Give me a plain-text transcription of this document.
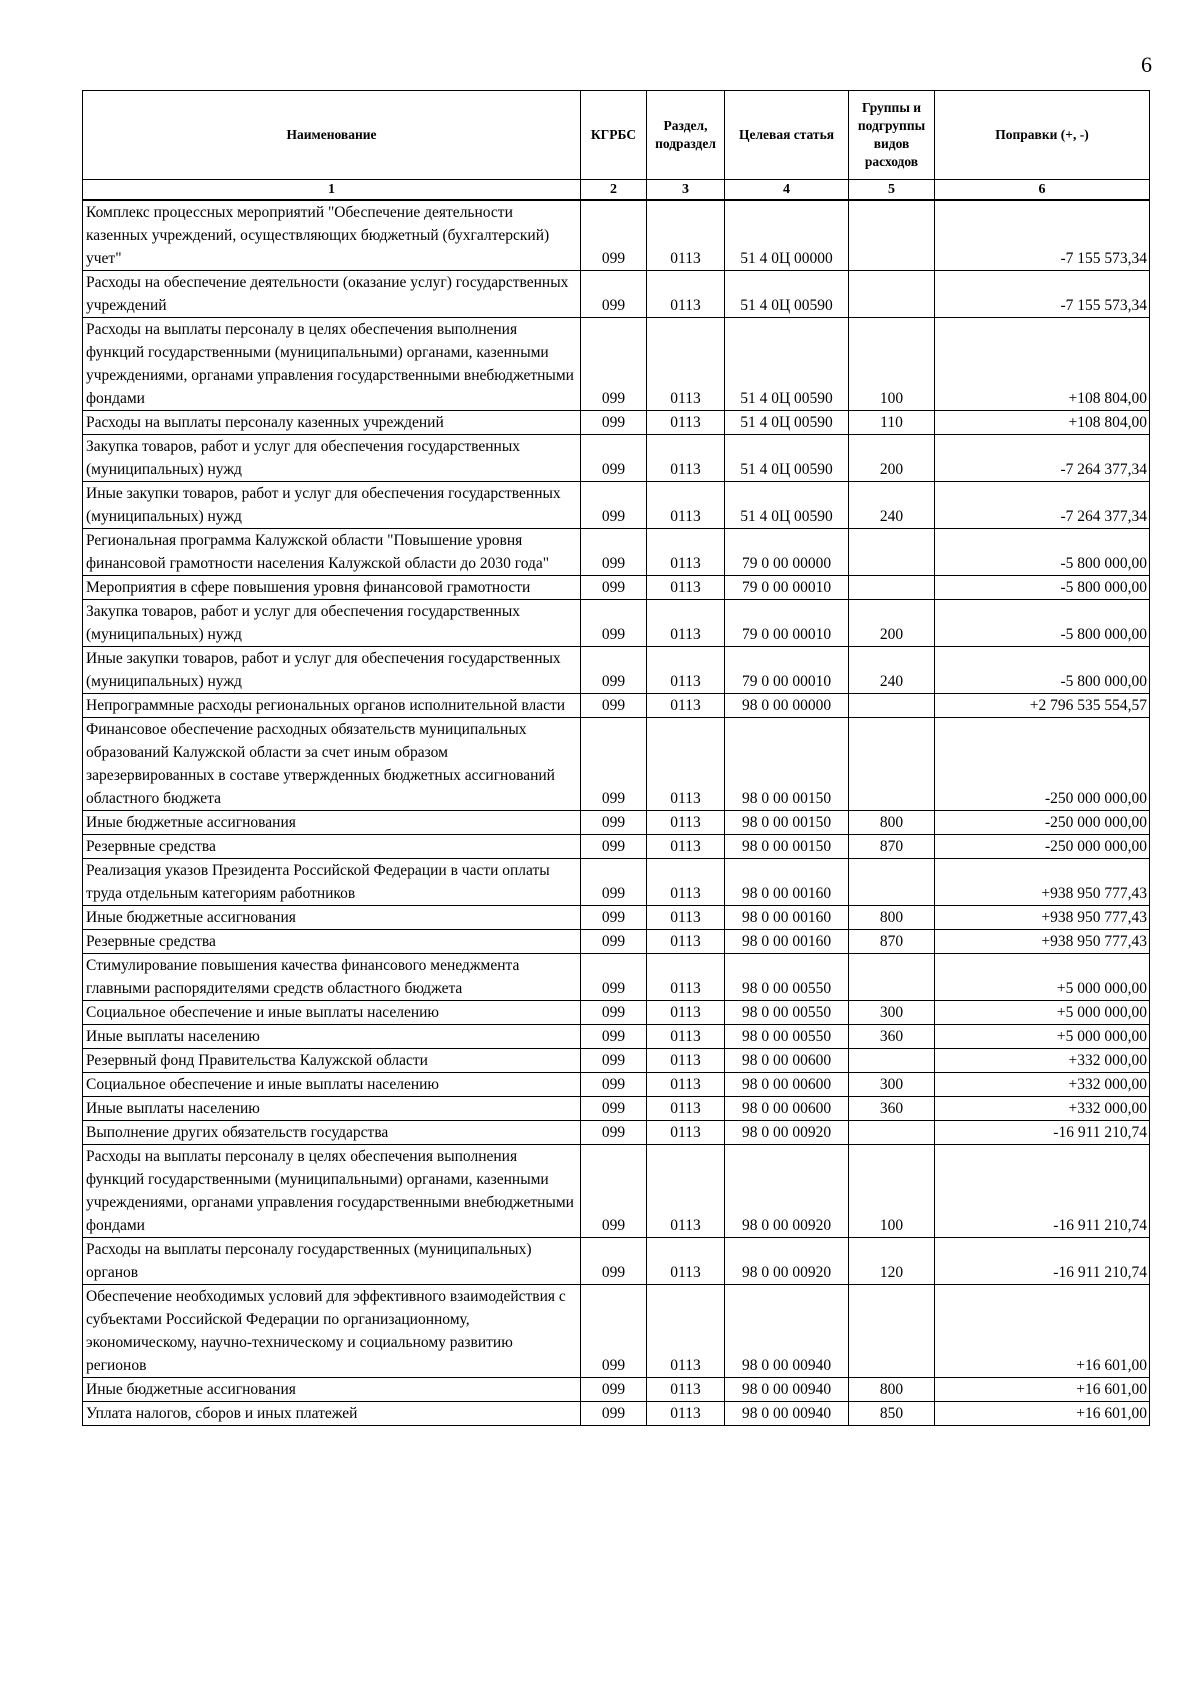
6
Наименование	КГРБС	Раздел, подраздел	Целевая статья	Группы и подгруппы видов расходов	Поправки (+, -)
1	2	3	4	5	6
Комплекс процессных мероприятий "Обеспечение деятельности казенных учреждений, осуществляющих бюджетный (бухгалтерский) учет"	099	0113	51 4 0Ц 00000		-7 155 573,34
Расходы на обеспечение деятельности (оказание услуг) государственных учреждений	099	0113	51 4 0Ц 00590		-7 155 573,34
Расходы на выплаты персоналу в целях обеспечения выполнения функций государственными (муниципальными) органами, казенными учреждениями, органами управления государственными внебюджетными фондами	099	0113	51 4 0Ц 00590	100	+108 804,00
Расходы на выплаты персоналу казенных учреждений	099	0113	51 4 0Ц 00590	110	+108 804,00
Закупка товаров, работ и услуг для обеспечения государственных (муниципальных) нужд	099	0113	51 4 0Ц 00590	200	-7 264 377,34
Иные закупки товаров, работ и услуг для обеспечения государственных (муниципальных) нужд	099	0113	51 4 0Ц 00590	240	-7 264 377,34
Региональная программа Калужской области "Повышение уровня финансовой грамотности населения Калужской области до 2030 года"	099	0113	79 0 00 00000		-5 800 000,00
Мероприятия в сфере повышения уровня финансовой грамотности	099	0113	79 0 00 00010		-5 800 000,00
Закупка товаров, работ и услуг для обеспечения государственных (муниципальных) нужд	099	0113	79 0 00 00010	200	-5 800 000,00
Иные закупки товаров, работ и услуг для обеспечения государственных (муниципальных) нужд	099	0113	79 0 00 00010	240	-5 800 000,00
Непрограммные расходы региональных органов исполнительной власти	099	0113	98 0 00 00000		+2 796 535 554,57
Финансовое обеспечение расходных обязательств муниципальных образований Калужской области за счет иным образом зарезервированных в составе утвержденных бюджетных ассигнований областного бюджета	099	0113	98 0 00 00150		-250 000 000,00
Иные бюджетные ассигнования	099	0113	98 0 00 00150	800	-250 000 000,00
Резервные средства	099	0113	98 0 00 00150	870	-250 000 000,00
Реализация указов Президента Российской Федерации в части оплаты труда отдельным категориям работников	099	0113	98 0 00 00160		+938 950 777,43
Иные бюджетные ассигнования	099	0113	98 0 00 00160	800	+938 950 777,43
Резервные средства	099	0113	98 0 00 00160	870	+938 950 777,43
Стимулирование повышения качества финансового менеджмента главными распорядителями средств областного бюджета	099	0113	98 0 00 00550		+5 000 000,00
Социальное обеспечение и иные выплаты населению	099	0113	98 0 00 00550	300	+5 000 000,00
Иные выплаты населению	099	0113	98 0 00 00550	360	+5 000 000,00
Резервный фонд Правительства Калужской области	099	0113	98 0 00 00600		+332 000,00
Социальное обеспечение и иные выплаты населению	099	0113	98 0 00 00600	300	+332 000,00
Иные выплаты населению	099	0113	98 0 00 00600	360	+332 000,00
Выполнение других обязательств государства	099	0113	98 0 00 00920		-16 911 210,74
Расходы на выплаты персоналу в целях обеспечения выполнения функций государственными (муниципальными) органами, казенными учреждениями, органами управления государственными внебюджетными фондами	099	0113	98 0 00 00920	100	-16 911 210,74
Расходы на выплаты персоналу государственных (муниципальных) органов	099	0113	98 0 00 00920	120	-16 911 210,74
Обеспечение необходимых условий для эффективного взаимодействия с субъектами Российской Федерации по организационному, экономическому, научно-техническому и социальному развитию регионов	099	0113	98 0 00 00940		+16 601,00
Иные бюджетные ассигнования	099	0113	98 0 00 00940	800	+16 601,00
Уплата налогов, сборов и иных платежей	099	0113	98 0 00 00940	850	+16 601,00
